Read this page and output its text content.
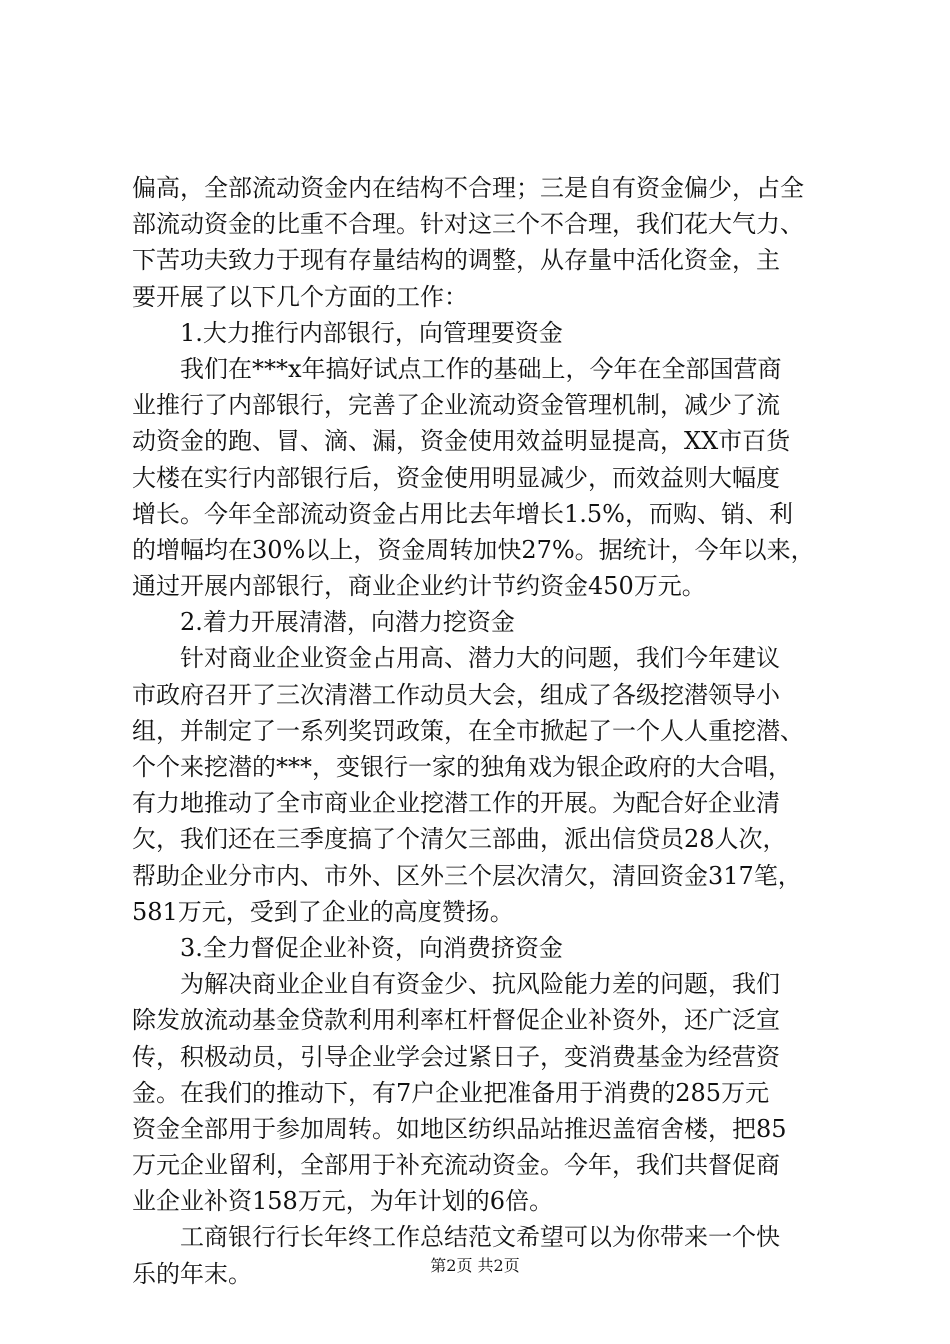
偏高，全部流动资金内在结构不合理；三是自有资金偏少，占全
部流动资金的比重不合理。针对这三个不合理，我们花大气力、
下苦功夫致力于现有存量结构的调整，从存量中活化资金，主
要开展了以下几个方面的工作：
1.大力推行内部银行，向管理要资金
我们在***x年搞好试点工作的基础上，今年在全部国营商
业推行了内部银行，完善了企业流动资金管理机制，减少了流
动资金的跑、冒、滴、漏，资金使用效益明显提高，XX市百货
大楼在实行内部银行后，资金使用明显减少，而效益则大幅度
增长。今年全部流动资金占用比去年增长1.5%，而购、销、利
的增幅均在30%以上，资金周转加快27%。据统计，今年以来，
通过开展内部银行，商业企业约计节约资金450万元。
2.着力开展清潜，向潜力挖资金
针对商业企业资金占用高、潜力大的问题，我们今年建议
市政府召开了三次清潜工作动员大会，组成了各级挖潜领导小
组，并制定了一系列奖罚政策，在全市掀起了一个人人重挖潜、
个个来挖潜的***，变银行一家的独角戏为银企政府的大合唱，
有力地推动了全市商业企业挖潜工作的开展。为配合好企业清
欠，我们还在三季度搞了个清欠三部曲，派出信贷员28人次，
帮助企业分市内、市外、区外三个层次清欠，清回资金317笔，
581万元，受到了企业的高度赞扬。
3.全力督促企业补资，向消费挤资金
为解决商业企业自有资金少、抗风险能力差的问题，我们
除发放流动基金贷款利用利率杠杆督促企业补资外，还广泛宣
传，积极动员，引导企业学会过紧日子，变消费基金为经营资
金。在我们的推动下，有7户企业把准备用于消费的285万元
资金全部用于参加周转。如地区纺织品站推迟盖宿舍楼，把85
万元企业留利，全部用于补充流动资金。今年，我们共督促商
业企业补资158万元，为年计划的6倍。
工商银行行长年终工作总结范文希望可以为你带来一个快
乐的年末。	第2页 共2页
